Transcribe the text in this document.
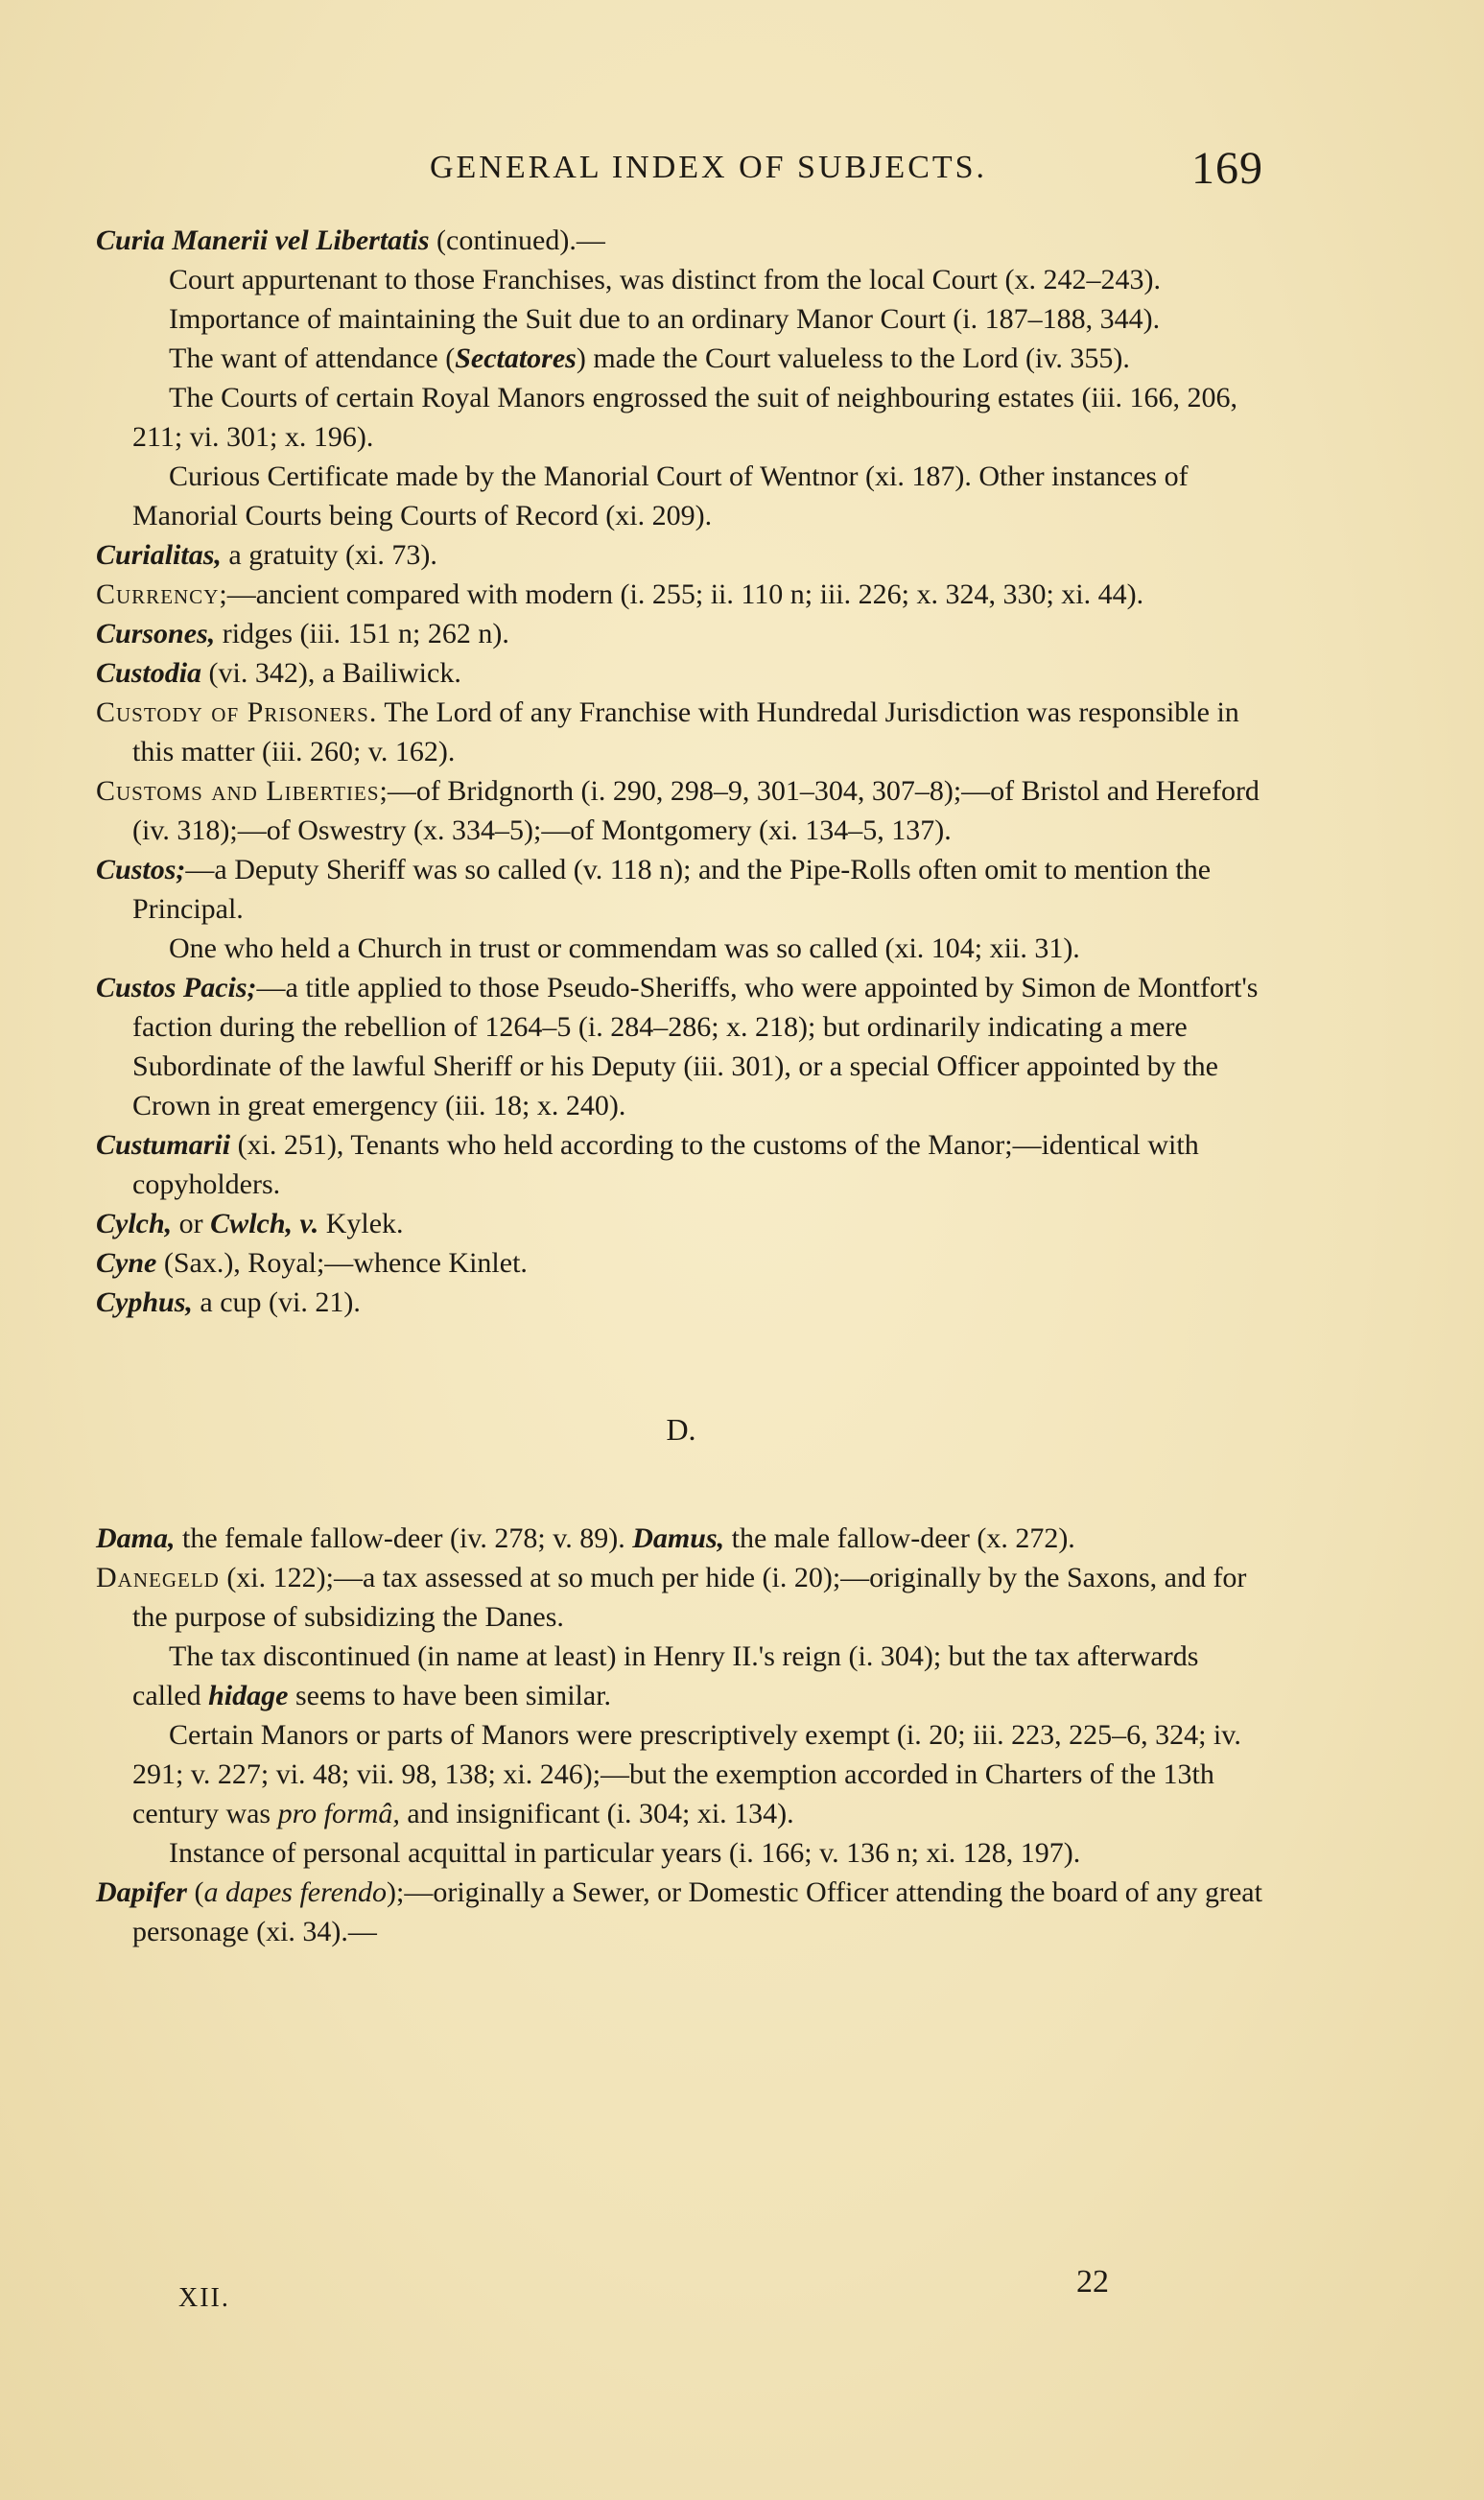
GENERAL INDEX OF SUBJECTS.	169

Curia Manerii vel Libertatis (continued).—

Court appurtenant to those Franchises, was distinct from the local Court (x. 242–243).

Importance of maintaining the Suit due to an ordinary Manor Court (i. 187–188, 344).

The want of attendance (Sectatores) made the Court valueless to the Lord (iv. 355).

The Courts of certain Royal Manors engrossed the suit of neighbouring estates (iii. 166, 206, 211; vi. 301; x. 196).

Curious Certificate made by the Manorial Court of Wentnor (xi. 187). Other instances of Manorial Courts being Courts of Record (xi. 209).

Curialitas, a gratuity (xi. 73).

Currency;—ancient compared with modern (i. 255; ii. 110 n; iii. 226; x. 324, 330; xi. 44).

Cursones, ridges (iii. 151 n; 262 n).

Custodia (vi. 342), a Bailiwick.

Custody of Prisoners. The Lord of any Franchise with Hundredal Jurisdiction was responsible in this matter (iii. 260; v. 162).

Customs and Liberties;—of Bridgnorth (i. 290, 298–9, 301–304, 307–8);—of Bristol and Hereford (iv. 318);—of Oswestry (x. 334–5);—of Montgomery (xi. 134–5, 137).

Custos;—a Deputy Sheriff was so called (v. 118 n); and the Pipe-Rolls often omit to mention the Principal.

One who held a Church in trust or commendam was so called (xi. 104; xii. 31).

Custos Pacis;—a title applied to those Pseudo-Sheriffs, who were appointed by Simon de Montfort's faction during the rebellion of 1264–5 (i. 284–286; x. 218); but ordinarily indicating a mere Subordinate of the lawful Sheriff or his Deputy (iii. 301), or a special Officer appointed by the Crown in great emergency (iii. 18; x. 240).

Custumarii (xi. 251), Tenants who held according to the customs of the Manor;—identical with copyholders.

Cylch, or Cwlch, v. Kylek.

Cyne (Sax.), Royal;—whence Kinlet.

Cyphus, a cup (vi. 21).

D.

Dama, the female fallow-deer (iv. 278; v. 89). Damus, the male fallow-deer (x. 272).

Danegeld (xi. 122);—a tax assessed at so much per hide (i. 20);—originally by the Saxons, and for the purpose of subsidizing the Danes.

The tax discontinued (in name at least) in Henry II.'s reign (i. 304); but the tax afterwards called hidage seems to have been similar.

Certain Manors or parts of Manors were prescriptively exempt (i. 20; iii. 223, 225–6, 324; iv. 291; v. 227; vi. 48; vii. 98, 138; xi. 246);—but the exemption accorded in Charters of the 13th century was pro formâ, and insignificant (i. 304; xi. 134).

Instance of personal acquittal in particular years (i. 166; v. 136 n; xi. 128, 197).

Dapifer (a dapes ferendo);—originally a Sewer, or Domestic Officer attending the board of any great personage (xi. 34).—

XII.	22
